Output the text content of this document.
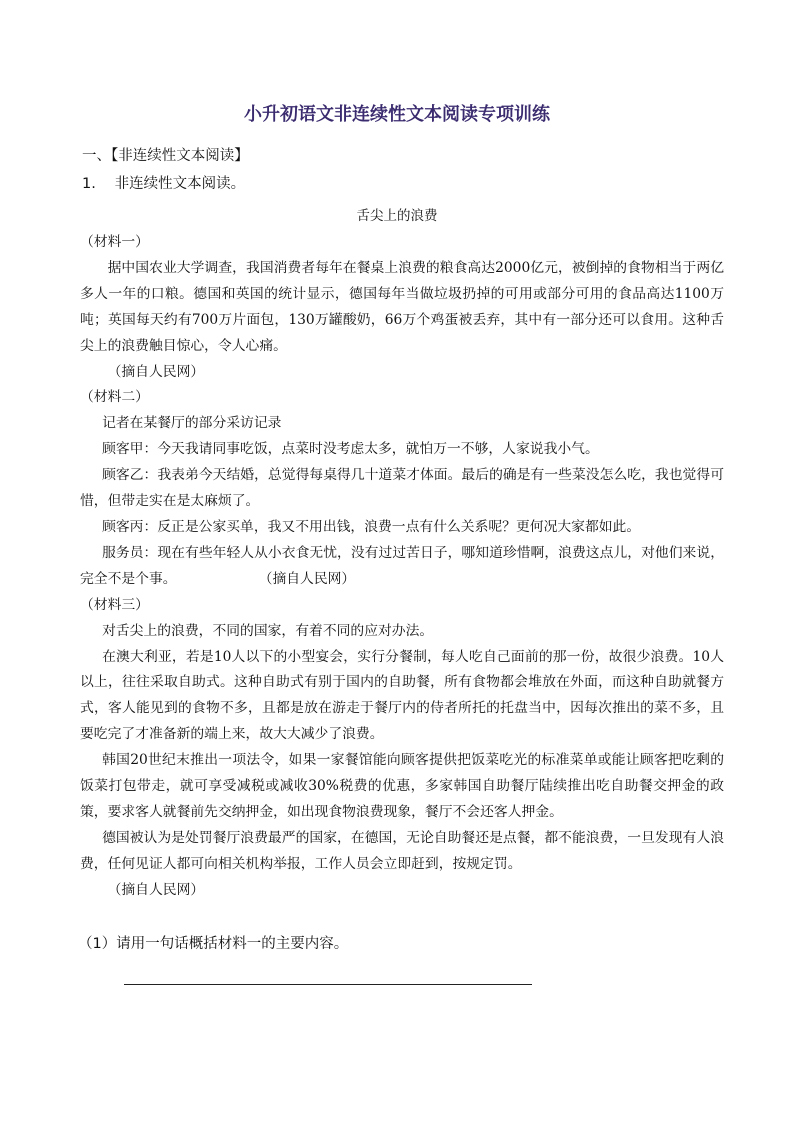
小升初语文非连续性文本阅读专项训练
一、【非连续性文本阅读】
1. 非连续性文本阅读。
舌尖上的浪费

（材料一）

据中国农业大学调查，我国消费者每年在餐桌上浪费的粮食高达2000亿元，被倒掉的食物相当于两亿多人一年的口粮。德国和英国的统计显示，德国每年当做垃圾扔掉的可用或部分可用的食品高达1100万吨；英国每天约有700万片面包，130万罐酸奶，66万个鸡蛋被丢弃，其中有一部分还可以食用。这种舌尖上的浪费触目惊心，令人心痛。

（摘自人民网）

（材料二）

记者在某餐厅的部分采访记录

顾客甲：今天我请同事吃饭，点菜时没考虑太多，就怕万一不够，人家说我小气。

顾客乙：我表弟今天结婚，总觉得每桌得几十道菜才体面。最后的确是有一些菜没怎么吃，我也觉得可惜，但带走实在是太麻烦了。

顾客丙：反正是公家买单，我又不用出钱，浪费一点有什么关系呢？更何况大家都如此。

服务员：现在有些年轻人从小衣食无忧，没有过过苦日子，哪知道珍惜啊，浪费这点儿，对他们来说，完全不是个事。	（摘自人民网）

（材料三）

对舌尖上的浪费，不同的国家，有着不同的应对办法。

在澳大利亚，若是10人以下的小型宴会，实行分餐制，每人吃自己面前的那一份，故很少浪费。10人以上，往往采取自助式。这种自助式有别于国内的自助餐，所有食物都会堆放在外面，而这种自助就餐方式，客人能见到的食物不多，且都是放在游走于餐厅内的侍者所托的托盘当中，因每次推出的菜不多，且要吃完了才准备新的端上来，故大大减少了浪费。

韩国20世纪末推出一项法令，如果一家餐馆能向顾客提供把饭菜吃光的标准菜单或能让顾客把吃剩的饭菜打包带走，就可享受减税或减收30%税费的优惠，多家韩国自助餐厅陆续推出吃自助餐交押金的政策，要求客人就餐前先交纳押金，如出现食物浪费现象，餐厅不会还客人押金。

德国被认为是处罚餐厅浪费最严的国家，在德国，无论自助餐还是点餐，都不能浪费，一旦发现有人浪费，任何见证人都可向相关机构举报，工作人员会立即赶到，按规定罚。

（摘自人民网）

（1）请用一句话概括材料一的主要内容。
